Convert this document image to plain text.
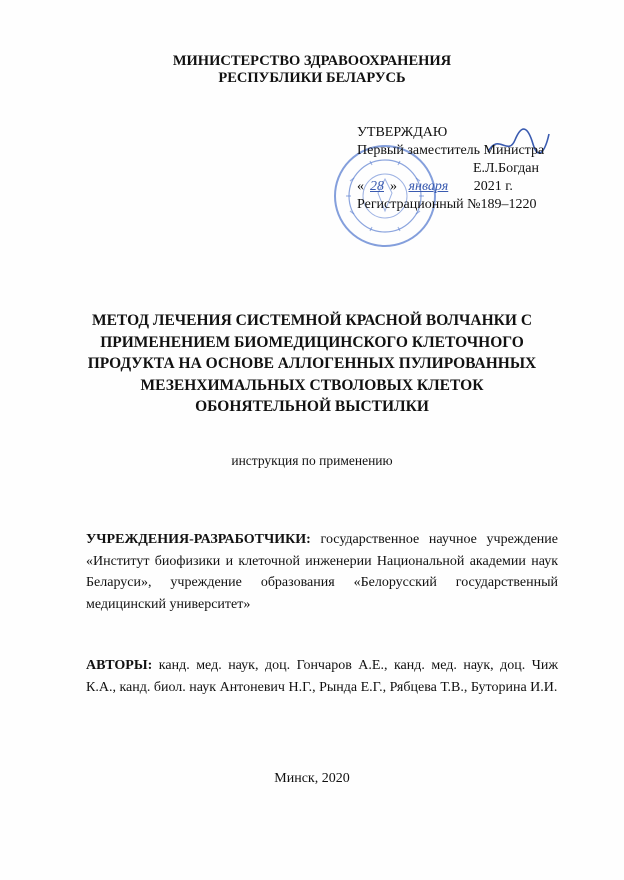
МИНИСТЕРСТВО ЗДРАВООХРАНЕНИЯ
РЕСПУБЛИКИ БЕЛАРУСЬ
УТВЕРЖДАЮ
Первый заместитель Министра
Е.Л.Богдан
« 28 » января 2021 г.
Регистрационный №189–1220
МЕТОД ЛЕЧЕНИЯ СИСТЕМНОЙ КРАСНОЙ ВОЛЧАНКИ С
ПРИМЕНЕНИЕМ БИОМЕДИЦИНСКОГО КЛЕТОЧНОГО
ПРОДУКТА НА ОСНОВЕ АЛЛОГЕННЫХ ПУЛИРОВАННЫХ
МЕЗЕНХИМАЛЬНЫХ СТВОЛОВЫХ КЛЕТОК
ОБОНЯТЕЛЬНОЙ ВЫСТИЛКИ
инструкция по применению
УЧРЕЖДЕНИЯ-РАЗРАБОТЧИКИ: государственное научное учреждение «Институт биофизики и клеточной инженерии Национальной академии наук Беларуси», учреждение образования «Белорусский государственный медицинский университет»
АВТОРЫ: канд. мед. наук, доц. Гончаров А.Е., канд. мед. наук, доц. Чиж К.А., канд. биол. наук Антоневич Н.Г., Рында Е.Г., Рябцева Т.В., Буторина И.И.
Минск, 2020
